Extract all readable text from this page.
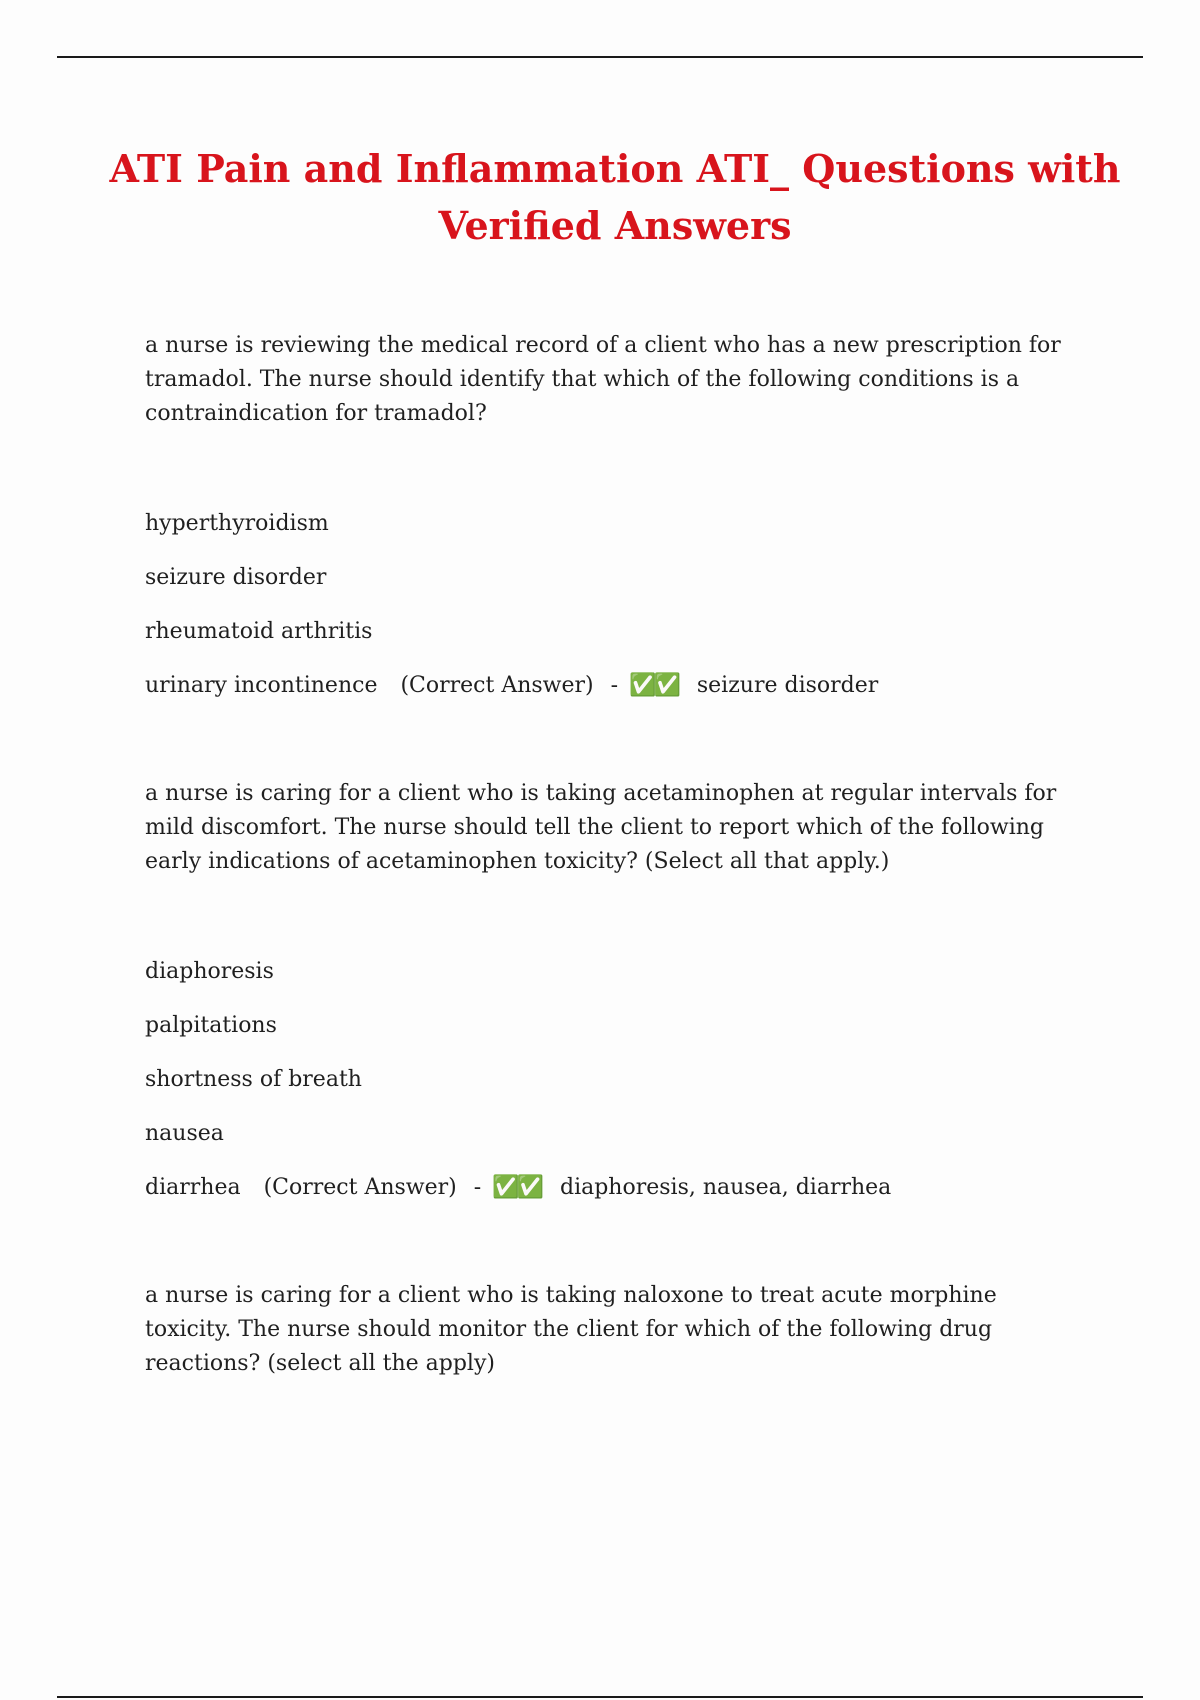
ATI Pain and Inflammation ATI_ Questions with
Verified Answers

a nurse is reviewing the medical record of a client who has a new prescription for tramadol. The nurse should identify that which of the following conditions is a contraindication for tramadol?

hyperthyroidism
seizure disorder
rheumatoid arthritis
urinary incontinence (Correct Answer) - ✅✅ seizure disorder

a nurse is caring for a client who is taking acetaminophen at regular intervals for mild discomfort. The nurse should tell the client to report which of the following early indications of acetaminophen toxicity? (Select all that apply.)

diaphoresis
palpitations
shortness of breath
nausea
diarrhea (Correct Answer) - ✅✅ diaphoresis, nausea, diarrhea

a nurse is caring for a client who is taking naloxone to treat acute morphine toxicity. The nurse should monitor the client for which of the following drug reactions? (select all the apply)
